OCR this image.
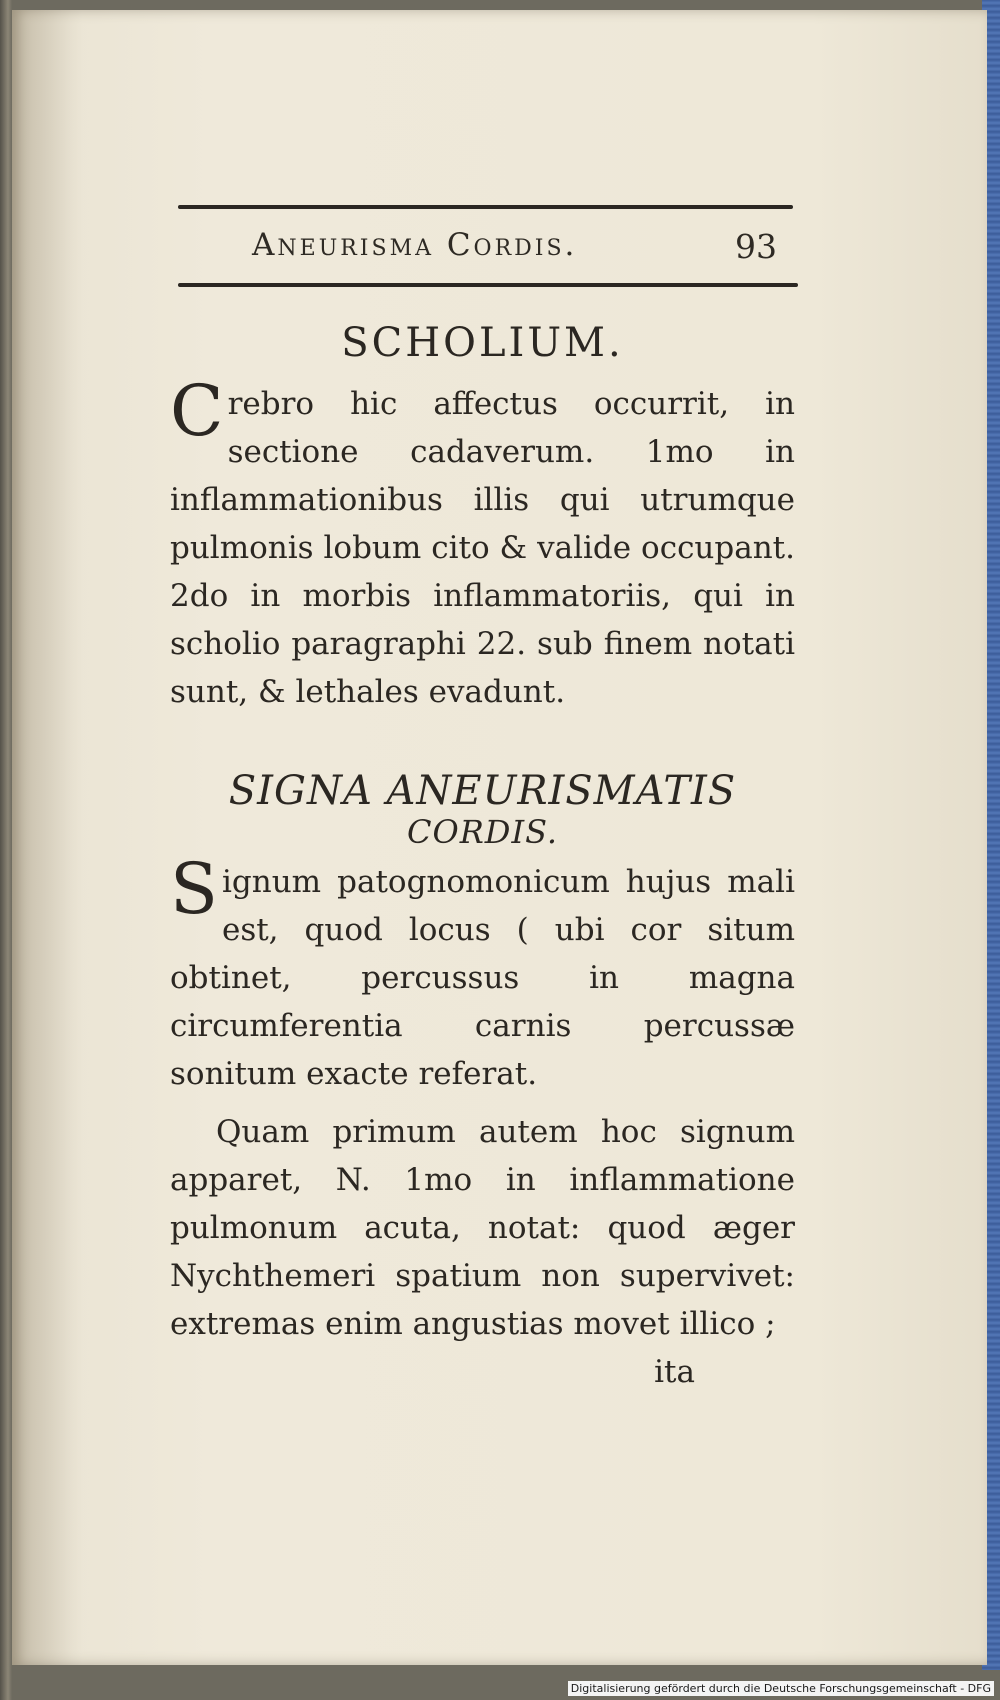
Aneurisma Cordis.	93
SCHOLIUM.

Crebro hic affectus occurrit, in sectione cadaverum. 1mo in inflammationibus illis qui utrumque pulmonis lobum cito & valide occupant. 2do in morbis inflammatoriis, qui in scholio paragraphi 22. sub finem notati sunt, & lethales evadunt.

SIGNA ANEURISMATIS
CORDIS.

Signum patognomonicum hujus mali est, quod locus ( ubi cor situm obtinet, percussus in magna circumferentia carnis percussæ sonitum exacte referat.

Quam primum autem hoc signum apparet, N. 1mo in inflammatione pulmonum acuta, notat: quod æger Nychthemeri spatium non supervivet: extremas enim angustias movet illico ;

ita
Digitalisierung gefördert durch die Deutsche Forschungsgemeinschaft - DFG
